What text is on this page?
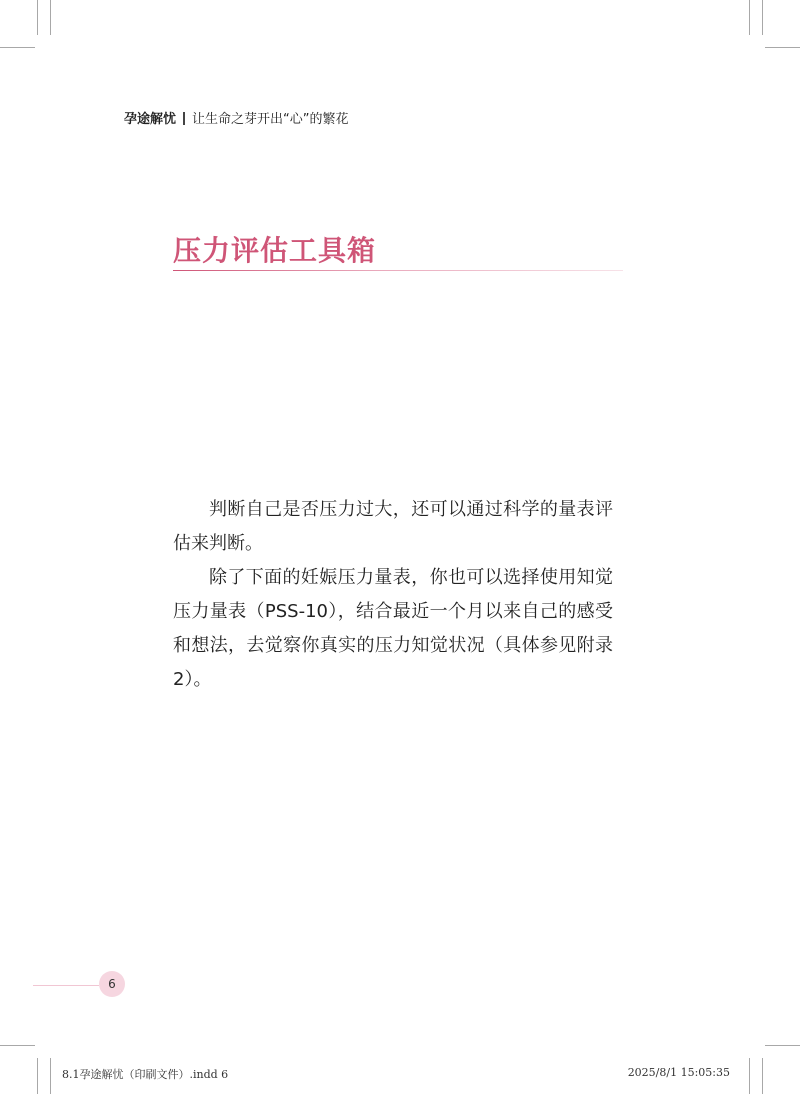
孕途解忧 让生命之芽开出“心”的繁花
压力评估工具箱

判断自己是否压力过大，还可以通过科学的量表评估来判断。

除了下面的妊娠压力量表，你也可以选择使用知觉压力量表（PSS-10），结合最近一个月以来自己的感受和想法，去觉察你真实的压力知觉状况（具体参见附录2）。

6
8.1孕途解忧（印刷文件）.indd 6	2025/8/1 15:05:35
